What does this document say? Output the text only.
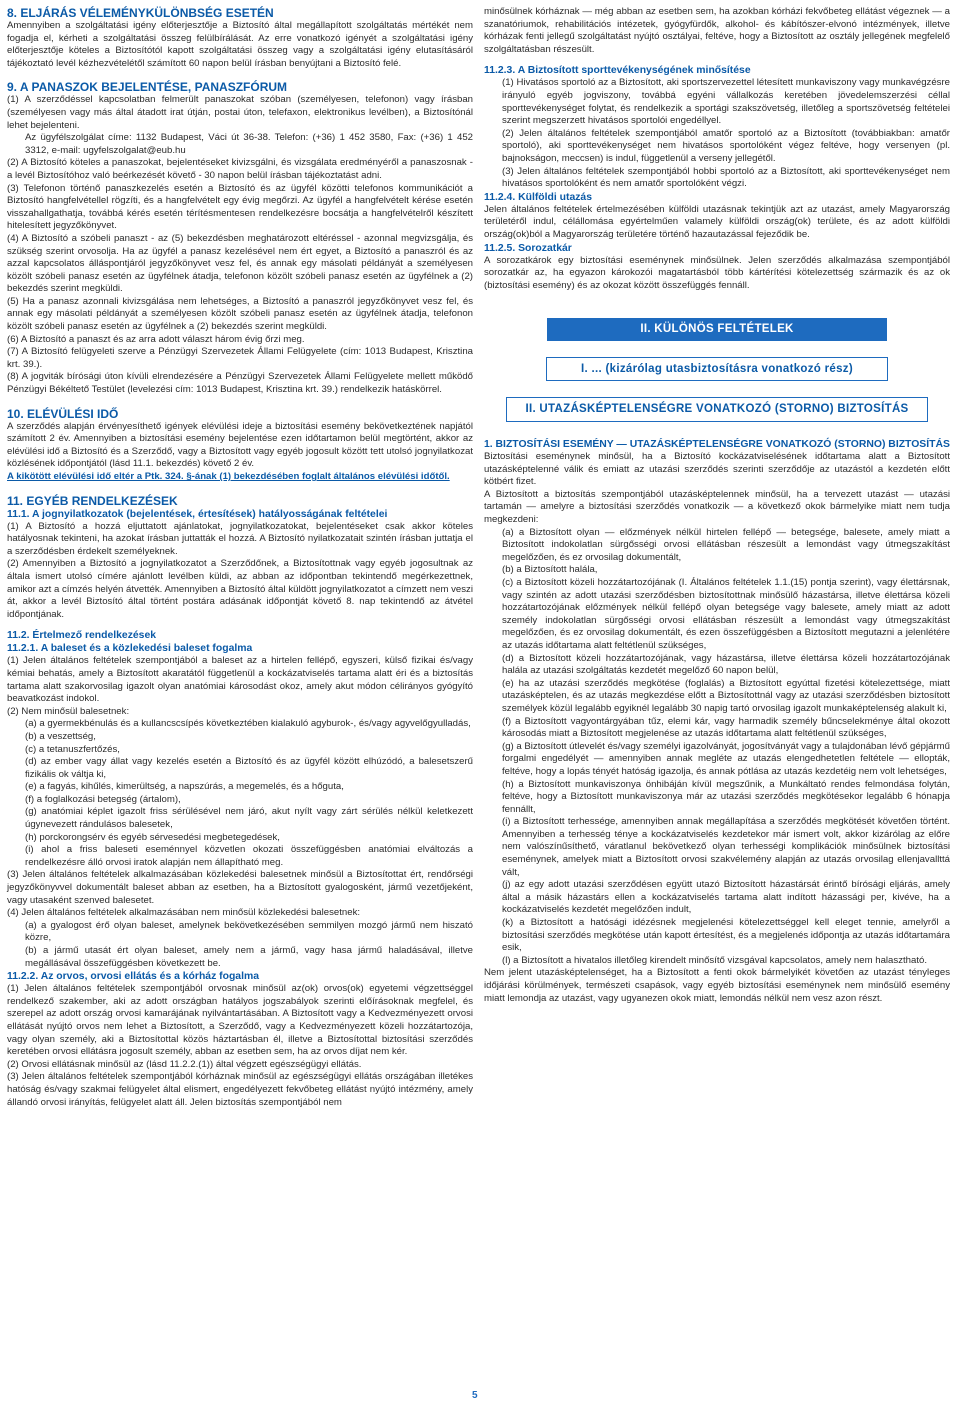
8. ELJÁRÁS VÉLEMÉNYKÜLÖNBSÉG ESETÉN

Amennyiben a szolgáltatási igény előterjesztője a Biztosító által megállapított szolgáltatás mértékét nem fogadja el, kérheti a szolgáltatási összeg felülbírálását. Az erre vonatkozó igényét a szolgáltatási igény előterjesztője köteles a Biztosítótól kapott szolgáltatási összeg vagy a szolgáltatási igény elutasításáról tájékoztató levél kézhezvételétől számított 60 napon belül írásban benyújtani a Biztosító felé.

9. A PANASZOK BEJELENTÉSE, PANASZFÓRUM

(1) A szerződéssel kapcsolatban felmerült panaszokat szóban (személyesen, telefonon) vagy írásban (személyesen vagy más által átadott irat útján, postai úton, telefaxon, elektronikus levélben), a Biztosítónál lehet bejelenteni.

Az ügyfélszolgálat címe: 1132 Budapest, Váci út 36-38. Telefon: (+36) 1 452 3580, Fax: (+36) 1 452 3312, e-mail: ugyfelszolgalat@eub.hu

(2) A Biztosító köteles a panaszokat, bejelentéseket kivizsgálni, és vizsgálata eredményéről a panaszosnak - a levél Biztosítóhoz való beérkezését követő - 30 napon belül írásban tájékoztatást adni.

(3) Telefonon történő panaszkezelés esetén a Biztosító és az ügyfél közötti telefonos kommunikációt a Biztosító hangfelvétellel rögzíti, és a hangfelvételt egy évig megőrzi. Az ügyfél a hangfelvételt kérése esetén visszahallgathatja, továbbá kérés esetén térítésmentesen rendelkezésre bocsátja a hangfelvételről készített hitelesített jegyzőkönyvet.

(4) A Biztosító a szóbeli panaszt - az (5) bekezdésben meghatározott eltéréssel - azonnal megvizsgálja, és szükség szerint orvosolja. Ha az ügyfél a panasz kezelésével nem ért egyet, a Biztosító a panaszról és az azzal kapcsolatos álláspontjáról jegyzőkönyvet vesz fel, és annak egy másolati példányát a személyesen közölt szóbeli panasz esetén az ügyfélnek átadja, telefonon közölt szóbeli panasz esetén az ügyfélnek a (2) bekezdés szerint megküldi.

(5) Ha a panasz azonnali kivizsgálása nem lehetséges, a Biztosító a panaszról jegyzőkönyvet vesz fel, és annak egy másolati példányát a személyesen közölt szóbeli panasz esetén az ügyfélnek átadja, telefonon közölt szóbeli panasz esetén az ügyfélnek a (2) bekezdés szerint megküldi.

(6) A Biztosító a panaszt és az arra adott választ három évig őrzi meg.

(7) A Biztosító felügyeleti szerve a Pénzügyi Szervezetek Állami Felügyelete (cím: 1013 Budapest, Krisztina krt. 39.).

(8) A jogviták bírósági úton kívüli elrendezésére a Pénzügyi Szervezetek Állami Felügyelete mellett működő Pénzügyi Békéltető Testület (levelezési cím: 1013 Budapest, Krisztina krt. 39.) rendelkezik hatáskörrel.

10. ELÉVÜLÉSI IDŐ

A szerződés alapján érvényesíthető igények elévülési ideje a biztosítási esemény bekövetkeztének napjától számított 2 év. Amennyiben a biztosítási esemény bejelentése ezen időtartamon belül megtörtént, akkor az elévülési idő a Biztosító és a Szerződő, vagy a Biztosított vagy egyéb jogosult között tett utolsó jognyilatkozat közlésének időpontjától (lásd 11.1. bekezdés) követő 2 év.

A kikötött elévülési idő eltér a Ptk. 324. §-ának (1) bekezdésében foglalt általános elévülési időtől.

11. EGYÉB RENDELKEZÉSEK
11.1. A jognyilatkozatok (bejelentések, értesítések) hatályosságának feltételei

(1) A Biztosító a hozzá eljuttatott ajánlatokat, jognyilatkozatokat, bejelentéseket csak akkor köteles hatályosnak tekinteni, ha azokat írásban juttatták el hozzá. A Biztosító nyilatkozatait szintén írásban juttatja el a szerződésben érdekelt személyeknek.

(2) Amennyiben a Biztosító a jognyilatkozatot a Szerződőnek, a Biztosítottnak vagy egyéb jogosultnak az általa ismert utolsó címére ajánlott levélben küldi, az abban az időpontban tekintendő megérkezettnek, amikor azt a címzés helyén átvették. Amennyiben a Biztosító által küldött jognyilatkozatot a címzett nem veszi át, akkor a levél Biztosító által történt postára adásának időpontját követő 8. nap tekintendő az átvétel időpontjának.

11.2. Értelmező rendelkezések
11.2.1. A baleset és a közlekedési baleset fogalma

(1) Jelen általános feltételek szempontjából a baleset az a hirtelen fellépő, egyszeri, külső fizikai és/vagy kémiai behatás, amely a Biztosított akaratától függetlenül a kockázatviselés tartama alatt éri és a biztosítás tartama alatt szakorvosilag igazolt olyan anatómiai károsodást okoz, amely akut módon célirányos gyógyító beavatkozást indokol.

(2) Nem minősül balesetnek:

(a) a gyermekbénulás és a kullancscsípés következtében kialakuló agyburok-, és/vagy agyvelőgyulladás,

(b) a veszettség,

(c) a tetanuszfertőzés,

(d) az ember vagy állat vagy kezelés esetén a Biztosító és az ügyfél között elhúzódó, a balesetszerű fizikális ok váltja ki,

(e) a fagyás, kihűlés, kimerültség, a napszúrás, a megemelés, és a hőguta,

(f) a foglalkozási betegség (ártalom),

(g) anatómiai képlet igazolt friss sérülésével nem járó, akut nyílt vagy zárt sérülés nélkül keletkezett úgynevezett rándulásos balesetek,

(h) porckorongsérv és egyéb sérvesedési megbetegedések,

(i) ahol a friss baleseti eseménnyel közvetlen okozati összefüggésben anatómiai elváltozás a rendelkezésre álló orvosi iratok alapján nem állapítható meg.

(3) Jelen általános feltételek alkalmazásában közlekedési balesetnek minősül a Biztosítottat ért, rendőrségi jegyzőkönyvvel dokumentált baleset abban az esetben, ha a Biztosított gyalogosként, jármű vezetőjeként, vagy utasaként szenved balesetet.

(4) Jelen általános feltételek alkalmazásában nem minősül közlekedési balesetnek:

(a) a gyalogost érő olyan baleset, amelynek bekövetkezésében semmilyen mozgó jármű nem hiszató közre,

(b) a jármű utasát ért olyan baleset, amely nem a jármű, vagy hasa jármű haladásával, illetve megállásával összefüggésben következett be.

11.2.2. Az orvos, orvosi ellátás és a kórház fogalma

(1) Jelen általános feltételek szempontjából orvosnak minősül az(ok) orvos(ok) egyetemi végzettséggel rendelkező szakember, aki az adott országban hatályos jogszabályok szerinti előírásoknak megfelel, és szerepel az adott ország orvosi kamarájának nyilvántartásában. A Biztosított vagy a Kedvezményezett orvosi ellátását nyújtó orvos nem lehet a Biztosított, a Szerződő, vagy a Kedvezményezett közeli hozzátartozója, vagy olyan személy, aki a Biztosítottal közös háztartásban él, illetve a Biztosítottal biztosítási szerződés keretében orvosi ellátásra jogosult személy, abban az esetben sem, ha az orvos díjat nem kér.

(2) Orvosi ellátásnak minősül az (lásd 11.2.2.(1)) által végzett egészségügyi ellátás.

(3) Jelen általános feltételek szempontjából kórháznak minősül az egészségügyi ellátás országában illetékes hatóság és/vagy szakmai felügyelet által elismert, engedélyezett fekvőbeteg ellátást nyújtó intézmény, amely állandó orvosi irányítás, felügyelet alatt áll. Jelen biztosítás szempontjából nem

minősülnek kórháznak — még abban az esetben sem, ha azokban kórházi fekvőbeteg ellátást végeznek — a szanatóriumok, rehabilitációs intézetek, gyógyfürdők, alkohol- és kábítószer-elvonó intézmények, illetve kórházak fenti jellegű szolgáltatást nyújtó osztályai, feltéve, hogy a Biztosított az osztály jellegének megfelelő szolgáltatásban részesült.

11.2.3. A Biztosított sporttevékenységének minősítése

(1) Hivatásos sportoló az a Biztosított, aki sportszervezettel létesített munkaviszony vagy munkavégzésre irányuló egyéb jogviszony, továbbá egyéni vállalkozás keretében jövedelemszerzési céllal sporttevékenységet folytat, és rendelkezik a sportági szakszövetség, illetőleg a sportszövetség feltételei szerint megszerzett hivatásos sportolói engedéllyel.

(2) Jelen általános feltételek szempontjából amatőr sportoló az a Biztosított (továbbiakban: amatőr sportoló), aki sporttevékenységet nem hivatásos sportolóként végez feltéve, hogy versenyen (pl. bajnokságon, meccsen) is indul, függetlenül a verseny jellegétől.

(3) Jelen általános feltételek szempontjából hobbi sportoló az a Biztosított, aki sporttevékenységet nem hivatásos sportolóként és nem amatőr sportolóként végzi.

11.2.4. Külföldi utazás

Jelen általános feltételek értelmezésében külföldi utazásnak tekintjük azt az utazást, amely Magyarország területéről indul, célállomása egyértelműen valamely külföldi ország(ok) területe, és az adott külföldi ország(ok)ból a Magyarország területére történő hazautazással fejeződik be.

11.2.5. Sorozatkár

A sorozatkárok egy biztosítási eseménynek minősülnek. Jelen szerződés alkalmazása szempontjából sorozatkár az, ha egyazon károkozói magatartásból több kártérítési kötelezettség származik és az ok (biztosítási esemény) és az okozat között összefüggés fennáll.

II. KÜLÖNÖS FELTÉTELEK
I. ... (kizárólag utasbiztosításra vonatkozó rész)
II. UTAZÁSKÉPTELENSÉGRE VONATKOZÓ (STORNO) BIZTOSÍTÁS
1. BIZTOSÍTÁSI ESEMÉNY — UTAZÁSKÉPTELENSÉGRE VONATKOZÓ (STORNO) BIZTOSÍTÁS

Biztosítási eseménynek minősül, ha a Biztosító kockázatviselésének időtartama alatt a Biztosított utazásképtelenné válik és emiatt az utazási szerződés szerinti szerződője az utazástól a kezdetén előtt kötbért fizet.

A Biztosított a biztosítás szempontjából utazásképtelennek minősül, ha a tervezett utazást — utazási tartamán — amelyre a biztosítási szerződés vonatkozik — a következő okok bármelyike miatt nem tudja megkezdeni:

(a) a Biztosított olyan — előzmények nélkül hirtelen fellépő — betegsége, balesete, amely miatt a Biztosított indokolatlan sürgősségi orvosi ellátásban részesült a lemondást vagy útmegszakítást megelőzően, és ez orvosilag dokumentált,

(b) a Biztosított halála,

(c) a Biztosított közeli hozzátartozójának (I. Általános feltételek 1.1.(15) pontja szerint), vagy élettársnak, vagy szintén az adott utazási szerződésben biztosítottnak minősülő házastársa, illetve élettársa közeli hozzátartozójának előzmények nélkül fellépő olyan betegsége vagy balesete, amely miatt az adott személy indokolatlan sürgősségi orvosi ellátásban részesült a lemondást vagy útmegszakítást megelőzően, és ez orvosilag dokumentált, és ezen összefüggésben a Biztosított megutazni a jelenlétére az utazás időtartama alatt feltétlenül szükséges,

(d) a Biztosított közeli hozzátartozójának, vagy házastársa, illetve élettársa közeli hozzátartozójának halála az utazási szolgáltatás kezdetét megelőző 60 napon belül,

(e) ha az utazási szerződés megkötése (foglalás) a Biztosított egyúttal fizetési kötelezettsége, miatt utazásképtelen, és az utazás megkezdése előtt a Biztosítottnál vagy az utazási szerződésben biztosított személyek közül legalább egyiknél legalább 30 napig tartó orvosilag igazolt munkaképtelenség alakult ki,

(f) a Biztosított vagyontárgyában tűz, elemi kár, vagy harmadik személy bűncselekménye által okozott károsodás miatt a Biztosított megjelenése az utazás időtartama alatt feltétlenül szükséges,

(g) a Biztosított útlevelét és/vagy személyi igazolványát, jogosítványát vagy a tulajdonában lévő gépjármű forgalmi engedélyét — amennyiben annak megléte az utazás elengedhetetlen feltétele — ellopták, feltéve, hogy a lopás tényét hatóság igazolja, és annak pótlása az utazás kezdetéig nem volt lehetséges,

(h) a Biztosított munkaviszonya önhibáján kívül megszűnik, a Munkáltató rendes felmondása folytán, feltéve, hogy a Biztosított munkaviszonya már az utazási szerződés megkötésekor legalább 6 hónapja fennállt,

(i) a Biztosított terhessége, amennyiben annak megállapítása a szerződés megkötését követően történt. Amennyiben a terhesség ténye a kockázatviselés kezdetekor már ismert volt, akkor kizárólag az előre nem valószínűsíthető, váratlanul bekövetkező olyan terhességi komplikációk minősülnek biztosítási eseménynek, amelyek miatt a Biztosított orvosi szakvélemény alapján az utazás orvosilag ellenjavallttá vált,

(j) az egy adott utazási szerződésen együtt utazó Biztosított házastársát érintő bírósági eljárás, amely által a másik házastárs ellen a kockázatviselés tartama alatt indított házassági per, kivéve, ha a kockázatviselés kezdetét megelőzően indult,

(k) a Biztosított a hatósági idézésnek megjelenési kötelezettséggel kell eleget tennie, amelyről a biztosítási szerződés megkötése után kapott értesítést, és a megjelenés időpontja az utazás időtartamára esik,

(l) a Biztosított a hivatalos illetőleg kirendelt minősítő vizsgával kapcsolatos, amely nem halasztható.

Nem jelent utazásképtelenséget, ha a Biztosított a fenti okok bármelyikét követően az utazást tényleges időjárási körülmények, természeti csapások, vagy egyéb biztosítási eseménynek nem minősülő esemény miatt lemondja az utazást, vagy ugyanezen okok miatt, lemondás nélkül nem vesz azon részt.

5
